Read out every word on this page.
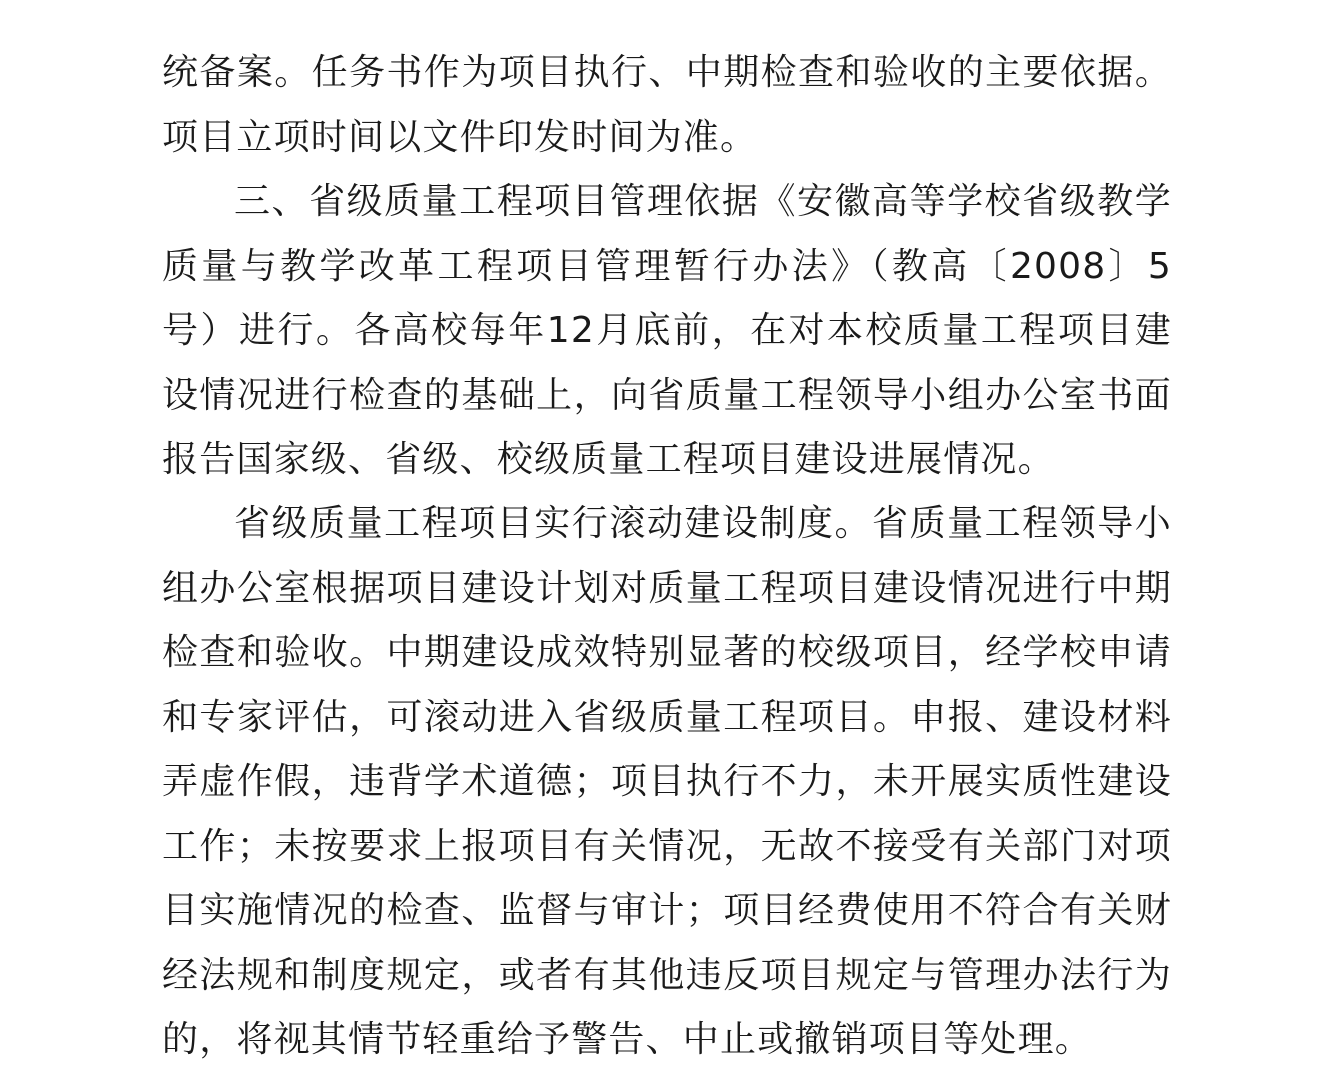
统备案。任务书作为项目执行、中期检查和验收的主要依据。项目立项时间以文件印发时间为准。

三、省级质量工程项目管理依据《安徽高等学校省级教学质量与教学改革工程项目管理暂行办法》（教高〔2008〕5号）进行。各高校每年12月底前，在对本校质量工程项目建设情况进行检查的基础上，向省质量工程领导小组办公室书面报告国家级、省级、校级质量工程项目建设进展情况。

省级质量工程项目实行滚动建设制度。省质量工程领导小组办公室根据项目建设计划对质量工程项目建设情况进行中期检查和验收。中期建设成效特别显著的校级项目，经学校申请和专家评估，可滚动进入省级质量工程项目。申报、建设材料弄虚作假，违背学术道德；项目执行不力，未开展实质性建设工作；未按要求上报项目有关情况，无故不接受有关部门对项目实施情况的检查、监督与审计；项目经费使用不符合有关财经法规和制度规定，或者有其他违反项目规定与管理办法行为的，将视其情节轻重给予警告、中止或撤销项目等处理。
